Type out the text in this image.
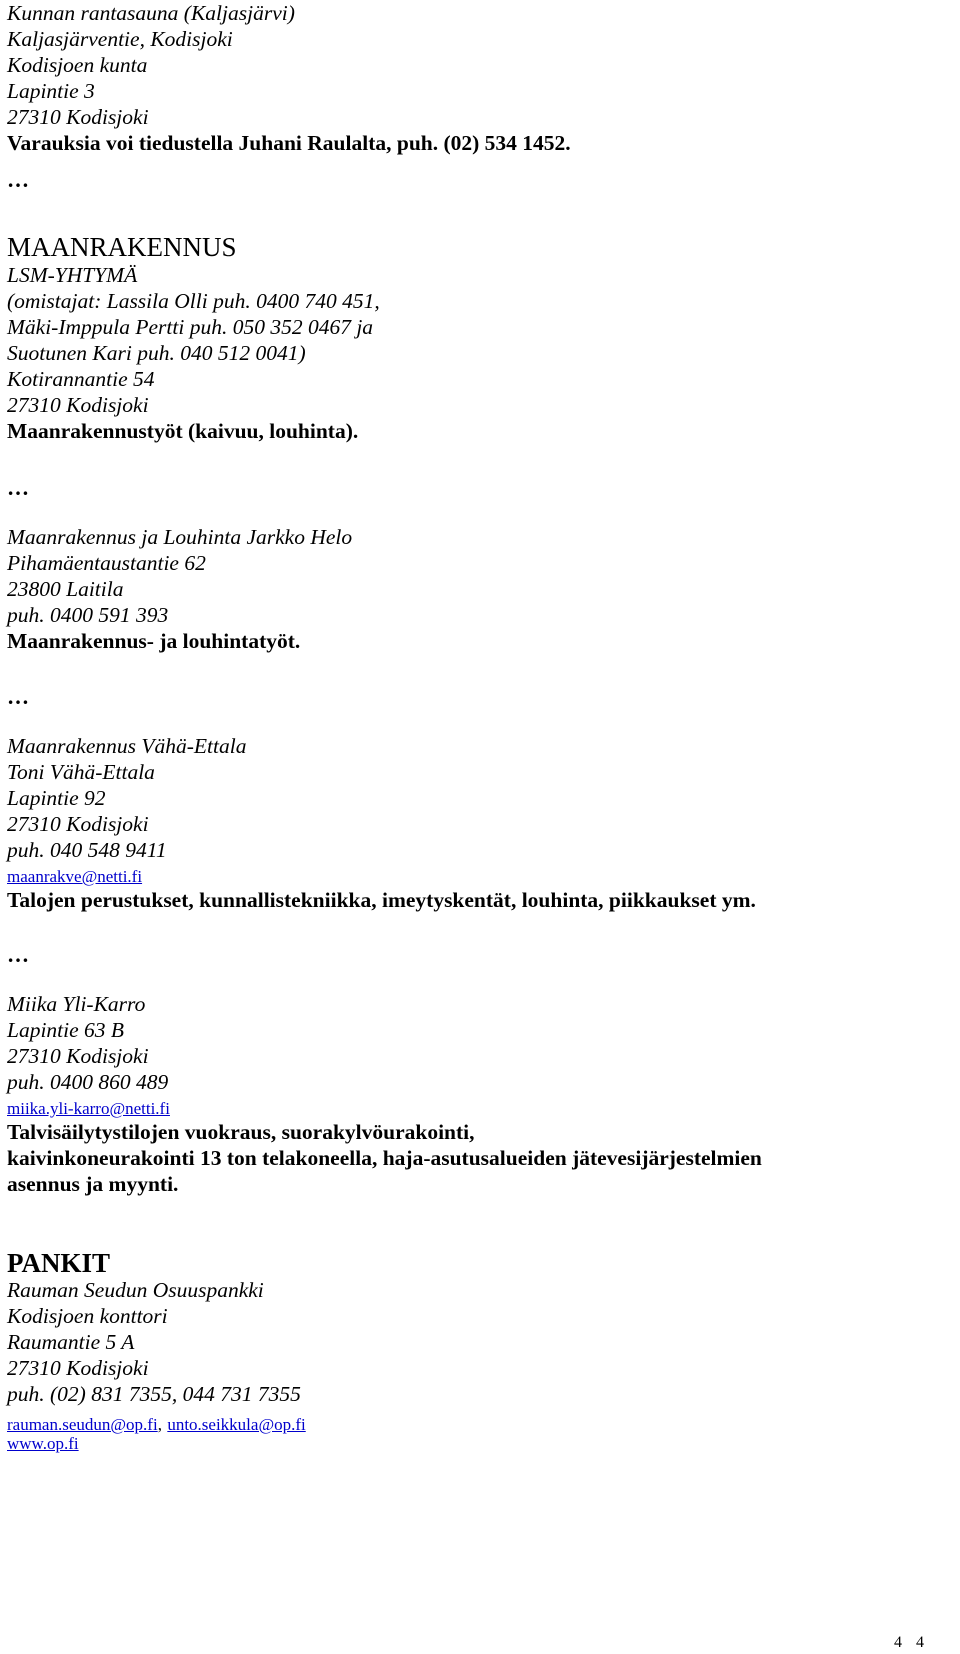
Kunnan rantasauna (Kaljasjärvi)
Kaljasjärventie, Kodisjoki
Kodisjoen kunta
Lapintie 3
27310 Kodisjoki
Varauksia voi tiedustella Juhani Raulalta, puh. (02) 534 1452.
…
MAANRAKENNUS
LSM-YHTYMÄ
(omistajat: Lassila Olli puh. 0400 740 451,
Mäki-Imppula Pertti puh. 050 352 0467 ja
Suotunen Kari puh. 040 512 0041)
Kotirannantie 54
27310 Kodisjoki
Maanrakennustyöt (kaivuu, louhinta).
…
Maanrakennus ja Louhinta Jarkko Helo
Pihamäentaustantie 62
23800 Laitila
puh. 0400 591 393
Maanrakennus- ja louhintatyöt.
…
Maanrakennus Vähä-Ettala
Toni Vähä-Ettala
Lapintie 92
27310 Kodisjoki
puh. 040 548 9411
maanrakve@netti.fi
Talojen perustukset, kunnallistekniikka, imeytyskentät, louhinta, piikkaukset ym.
…
Miika Yli-Karro
Lapintie 63 B
27310 Kodisjoki
puh. 0400 860 489
miika.yli-karro@netti.fi
Talvisäilytystilojen vuokraus, suorakylvöurakointi,
kaivinkoneurakointi 13 ton telakoneella, haja-asutusalueiden jätevesijärjestelmien
asennus ja myynti.
PANKIT
Rauman Seudun Osuuspankki
Kodisjoen konttori
Raumantie 5 A
27310 Kodisjoki
puh. (02) 831 7355, 044 731 7355
rauman.seudun@op.fi, unto.seikkula@op.fi
www.op.fi
4 4
